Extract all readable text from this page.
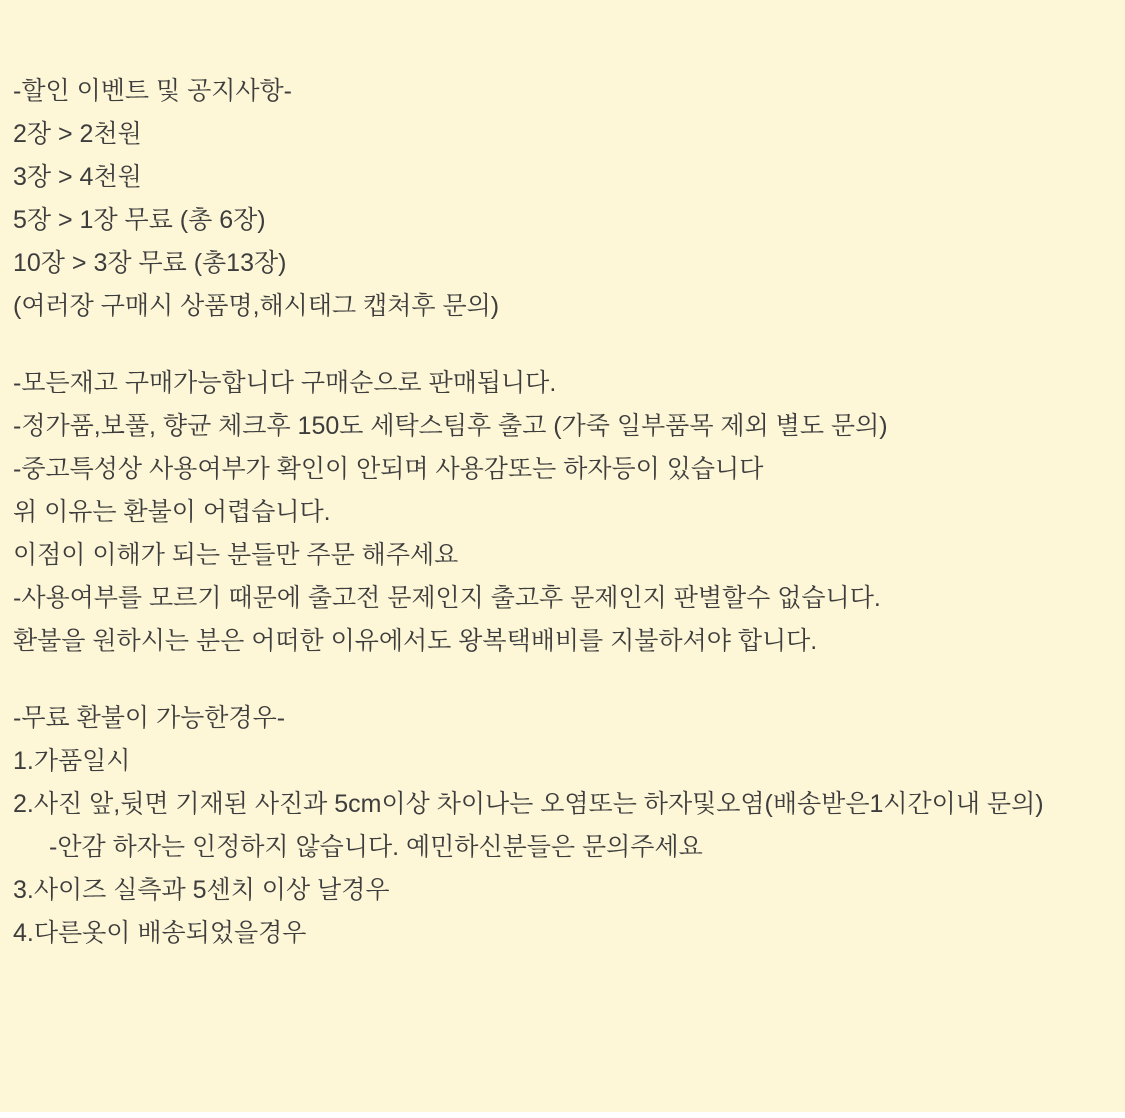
-할인 이벤트 및 공지사항-

2장 > 2천원

3장 > 4천원

5장 > 1장 무료 (총 6장)

10장 > 3장 무료 (총13장)

(여러장 구매시 상품명,해시태그 캡쳐후 문의)

-모든재고 구매가능합니다 구매순으로 판매됩니다.

-정가품,보풀, 향균 체크후 150도 세탁스팀후 출고 (가죽 일부품목 제외 별도 문의)

-중고특성상 사용여부가 확인이 안되며 사용감또는 하자등이 있습니다

위 이유는 환불이 어렵습니다.

이점이 이해가 되는 분들만 주문 해주세요

-사용여부를 모르기 때문에 출고전 문제인지 출고후 문제인지 판별할수 없습니다.

환불을 원하시는 분은 어떠한 이유에서도 왕복택배비를 지불하셔야 합니다.

-무료 환불이 가능한경우-

1.가품일시

2.사진 앞,뒷면 기재된 사진과 5cm이상 차이나는 오염또는 하자및오염(배송받은1시간이내 문의)

-안감 하자는 인정하지 않습니다. 예민하신분들은 문의주세요

3.사이즈 실측과 5센치 이상 날경우

4.다른옷이 배송되었을경우
